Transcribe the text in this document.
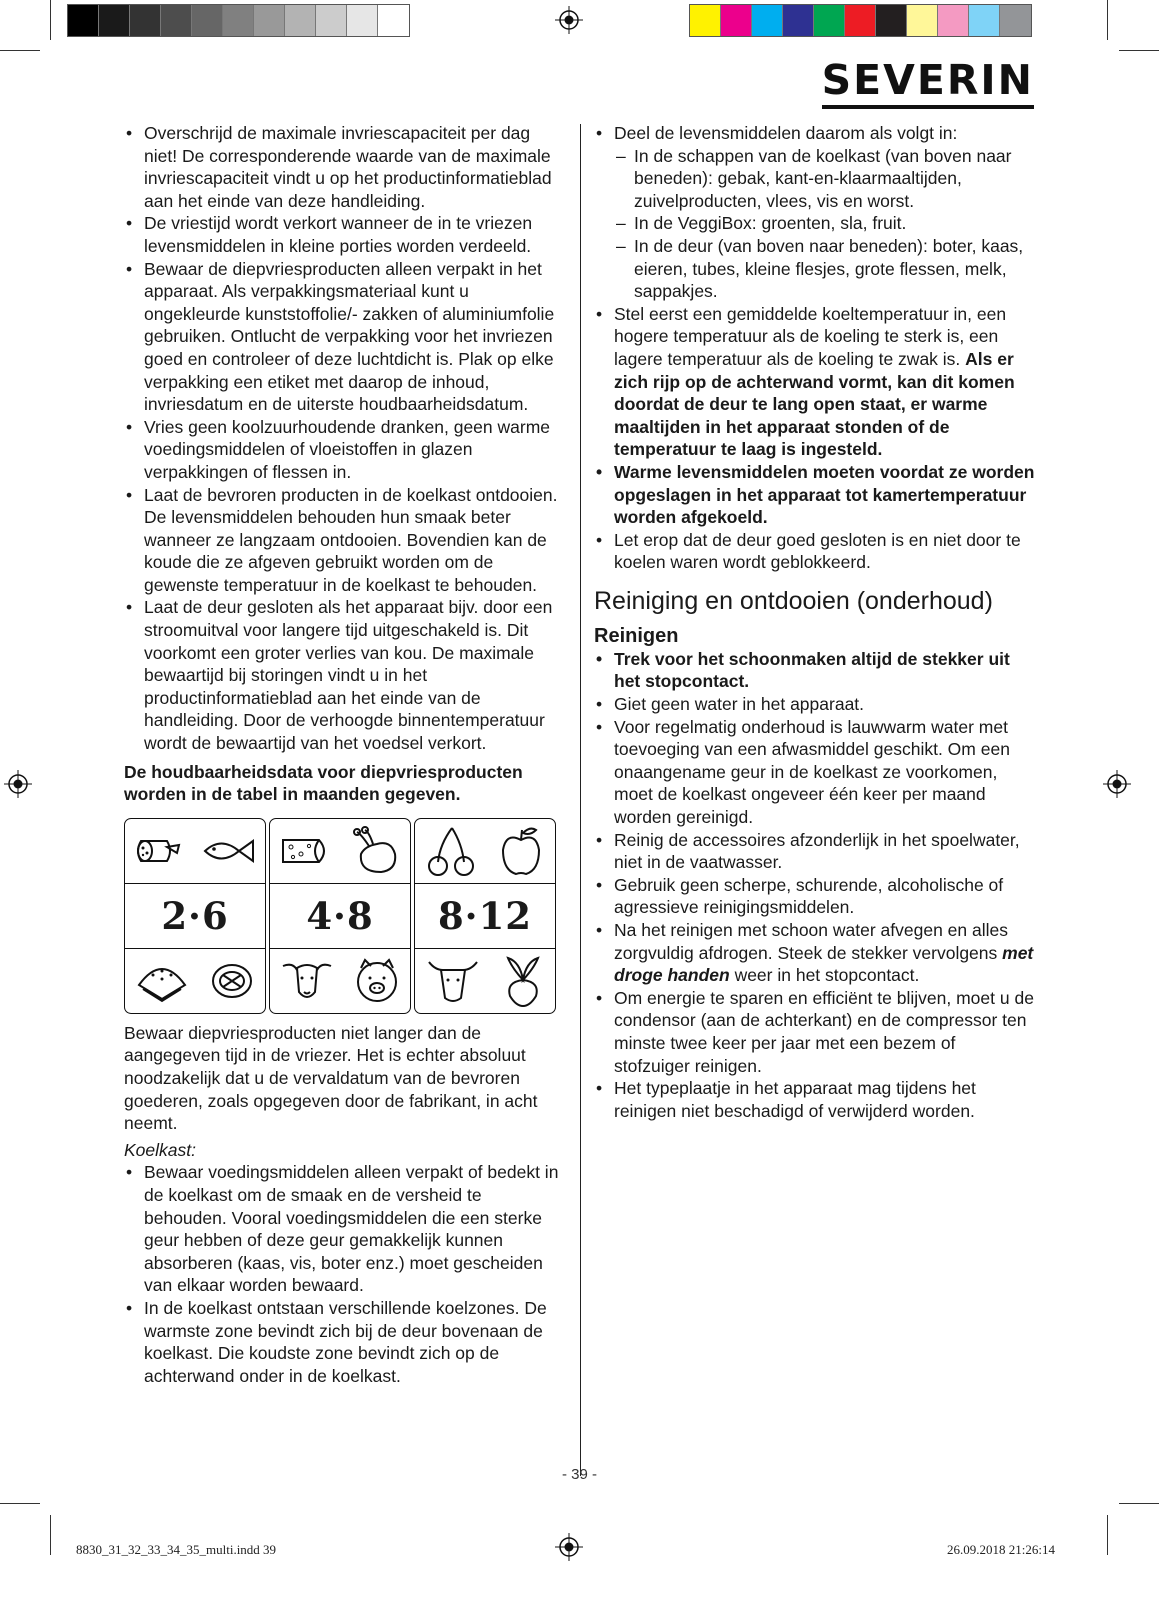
SEVERIN
• Overschrijd de maximale invriescapaciteit per dag niet! De corresponderende waarde van de maximale invriescapaciteit vindt u op het productinformatieblad aan het einde van deze handleiding.
• De vriestijd wordt verkort wanneer de in te vriezen levensmiddelen in kleine porties worden verdeeld.
• Bewaar de diepvriesproducten alleen verpakt in het apparaat. Als verpakkingsmateriaal kunt u ongekleurde kunststoffolie/- zakken of aluminiumfolie gebruiken. Ontlucht de verpakking voor het invriezen goed en controleer of deze luchtdicht is. Plak op elke verpakking een etiket met daarop de inhoud, invriesdatum en de uiterste houdbaarheidsdatum.
• Vries geen koolzuurhoudende dranken, geen warme voedingsmiddelen of vloeistoffen in glazen verpakkingen of flessen in.
• Laat de bevroren producten in de koelkast ontdooien. De levensmiddelen behouden hun smaak beter wanneer ze langzaam ontdooien. Bovendien kan de koude die ze afgeven gebruikt worden om de gewenste temperatuur in de koelkast te behouden.
• Laat de deur gesloten als het apparaat bijv. door een stroomuitval voor langere tijd uitgeschakeld is. Dit voorkomt een groter verlies van kou. De maximale bewaartijd bij storingen vindt u in het productinformatieblad aan het einde van de handleiding. Door de verhoogde binnentemperatuur wordt de bewaartijd van het voedsel verkort.

De houdbaarheidsdata voor diepvriesproducten worden in de tabel in maanden gegeven.

2·6	4·8	8·12

Bewaar diepvriesproducten niet langer dan de aangegeven tijd in de vriezer. Het is echter absoluut noodzakelijk dat u de vervaldatum van de bevroren goederen, zoals opgegeven door de fabrikant, in acht neemt.

Koelkast:

• Bewaar voedingsmiddelen alleen verpakt of bedekt in de koelkast om de smaak en de versheid te behouden. Vooral voedingsmiddelen die een sterke geur hebben of deze geur gemakkelijk kunnen absorberen (kaas, vis, boter enz.) moet gescheiden van elkaar worden bewaard.
• In de koelkast ontstaan verschillende koelzones. De warmste zone bevindt zich bij de deur bovenaan de koelkast. Die koudste zone bevindt zich op de achterwand onder in de koelkast.
• Deel de levensmiddelen daarom als volgt in:
– In de schappen van de koelkast (van boven naar beneden): gebak, kant-en-klaarmaaltijden, zuivelproducten, vlees, vis en worst.
– In de VeggiBox: groenten, sla, fruit.
– In de deur (van boven naar beneden): boter, kaas, eieren, tubes, kleine flesjes, grote flessen, melk, sappakjes.
• Stel eerst een gemiddelde koeltemperatuur in, een hogere temperatuur als de koeling te sterk is, een lagere temperatuur als de koeling te zwak is. Als er zich rijp op de achterwand vormt, kan dit komen doordat de deur te lang open staat, er warme maaltijden in het apparaat stonden of de temperatuur te laag is ingesteld.
• Warme levensmiddelen moeten voordat ze worden opgeslagen in het apparaat tot kamertemperatuur worden afgekoeld.
• Let erop dat de deur goed gesloten is en niet door te koelen waren wordt geblokkeerd.
Reiniging en ontdooien (onderhoud)
Reinigen
• Trek voor het schoonmaken altijd de stekker uit het stopcontact.
• Giet geen water in het apparaat.
• Voor regelmatig onderhoud is lauwwarm water met toevoeging van een afwasmiddel geschikt. Om een onaangename geur in de koelkast ze voorkomen, moet de koelkast ongeveer één keer per maand worden gereinigd.
• Reinig de accessoires afzonderlijk in het spoelwater, niet in de vaatwasser.
• Gebruik geen scherpe, schurende, alcoholische of agressieve reinigingsmiddelen.
• Na het reinigen met schoon water afvegen en alles zorgvuldig afdrogen. Steek de stekker vervolgens met droge handen weer in het stopcontact.
• Om energie te sparen en efficiënt te blijven, moet u de condensor (aan de achterkant) en de compressor ten minste twee keer per jaar met een bezem of stofzuiger reinigen.
• Het typeplaatje in het apparaat mag tijdens het reinigen niet beschadigd of verwijderd worden.
- 39 -
8830_31_32_33_34_35_multi.indd 39	26.09.2018 21:26:14
